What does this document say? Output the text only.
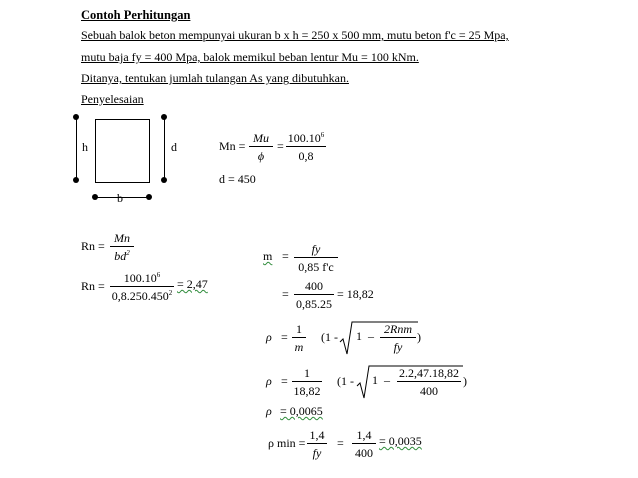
Contoh Perhitungan
Sebuah balok beton mempunyai ukuran b x h = 250 x 500 mm, mutu beton f'c = 25 Mpa,
mutu baja fy = 400 Mpa, balok memikul beban lentur Mu = 100 kNm.
Ditanya, tentukan jumlah tulangan As yang dibutuhkan.
Penyelesaian
h	d
b
Mn =
Mu
ϕ
=
$100.10^6$
0,8
d = 450
Rn =
Mn
$bd^2$
Rn =
$100.10^6$
$0,8.250.450^2$
= 2,47
m =	fy
0,85 f'c
=
400
0,85.25
= 18,82
ρ =
1
m
(1 - 1 – 2Rnm
fy
)
ρ =
1
18,82
(1 - 1 – 2.2,47.18,82
400
)
ρ = 0,0065
ρ min =
1,4
fy
=
1,4
400
= 0,0035
